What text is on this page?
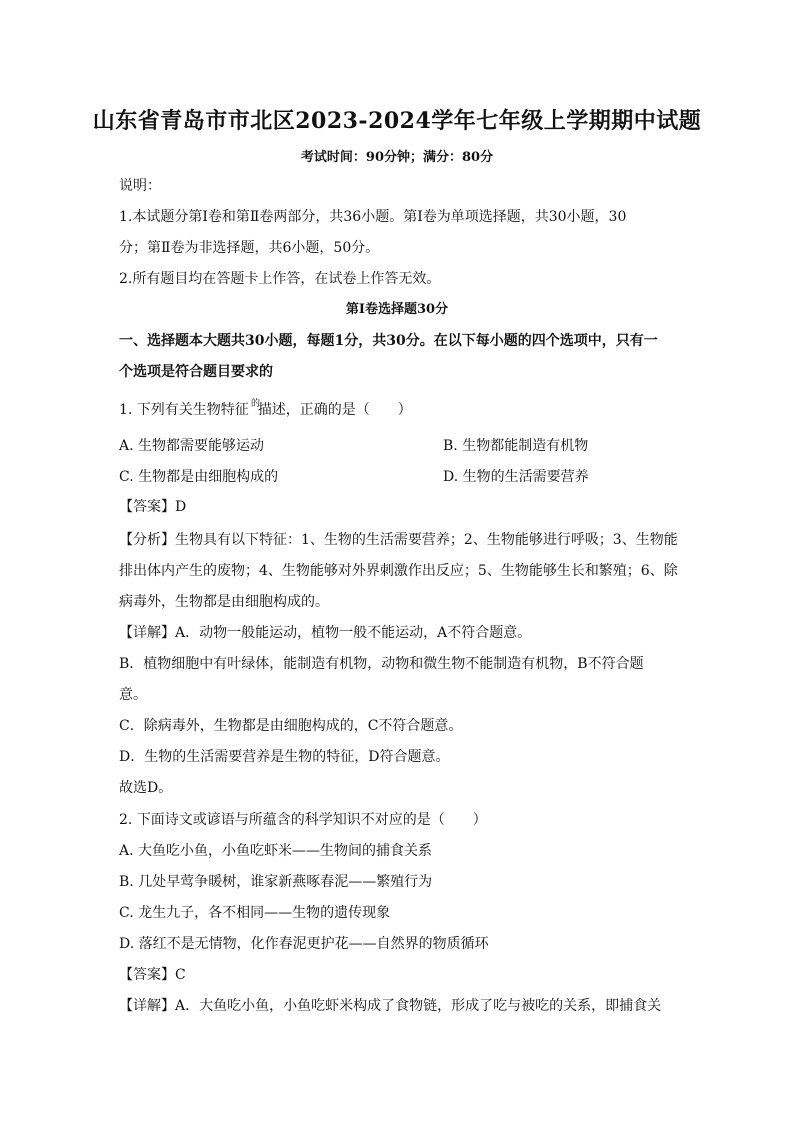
山东省青岛市市北区2023-2024学年七年级上学期期中试题
考试时间：90分钟；满分：80分
说明：
1.本试题分第Ⅰ卷和第Ⅱ卷两部分，共36小题。第Ⅰ卷为单项选择题，共30小题，30
分；第Ⅱ卷为非选择题，共6小题，50分。
2.所有题目均在答题卡上作答，在试卷上作答无效。
第Ⅰ卷选择题30分
一、选择题本大题共30小题，每题1分，共30分。在以下每小题的四个选项中，只有一
个选项是符合题目要求的
1. 下列有关生物特征 描述，正确的是（　　）
的
A. 生物都需要能够运动	B. 生物都能制造有机物
C. 生物都是由细胞构成的	D. 生物的生活需要营养
【答案】D
【分析】生物具有以下特征：1、生物的生活需要营养；2、生物能够进行呼吸；3、生物能
排出体内产生的废物；4、生物能够对外界刺激作出反应；5、生物能够生长和繁殖；6、除
病毒外，生物都是由细胞构成的。
【详解】A．动物一般能运动，植物一般不能运动，A不符合题意。
B．植物细胞中有叶绿体，能制造有机物，动物和微生物不能制造有机物，B不符合题
意。
C．除病毒外，生物都是由细胞构成的，C不符合题意。
D．生物的生活需要营养是生物的特征，D符合题意。
故选D。
2. 下面诗文或谚语与所蕴含的科学知识不对应的是（　　）
A. 大鱼吃小鱼，小鱼吃虾米——生物间的捕食关系
B. 几处早莺争暖树，谁家新燕啄春泥——繁殖行为
C. 龙生九子，各不相同——生物的遗传现象
D. 落红不是无情物，化作春泥更护花——自然界的物质循环
【答案】C
【详解】A．大鱼吃小鱼，小鱼吃虾米构成了食物链，形成了吃与被吃的关系，即捕食关
